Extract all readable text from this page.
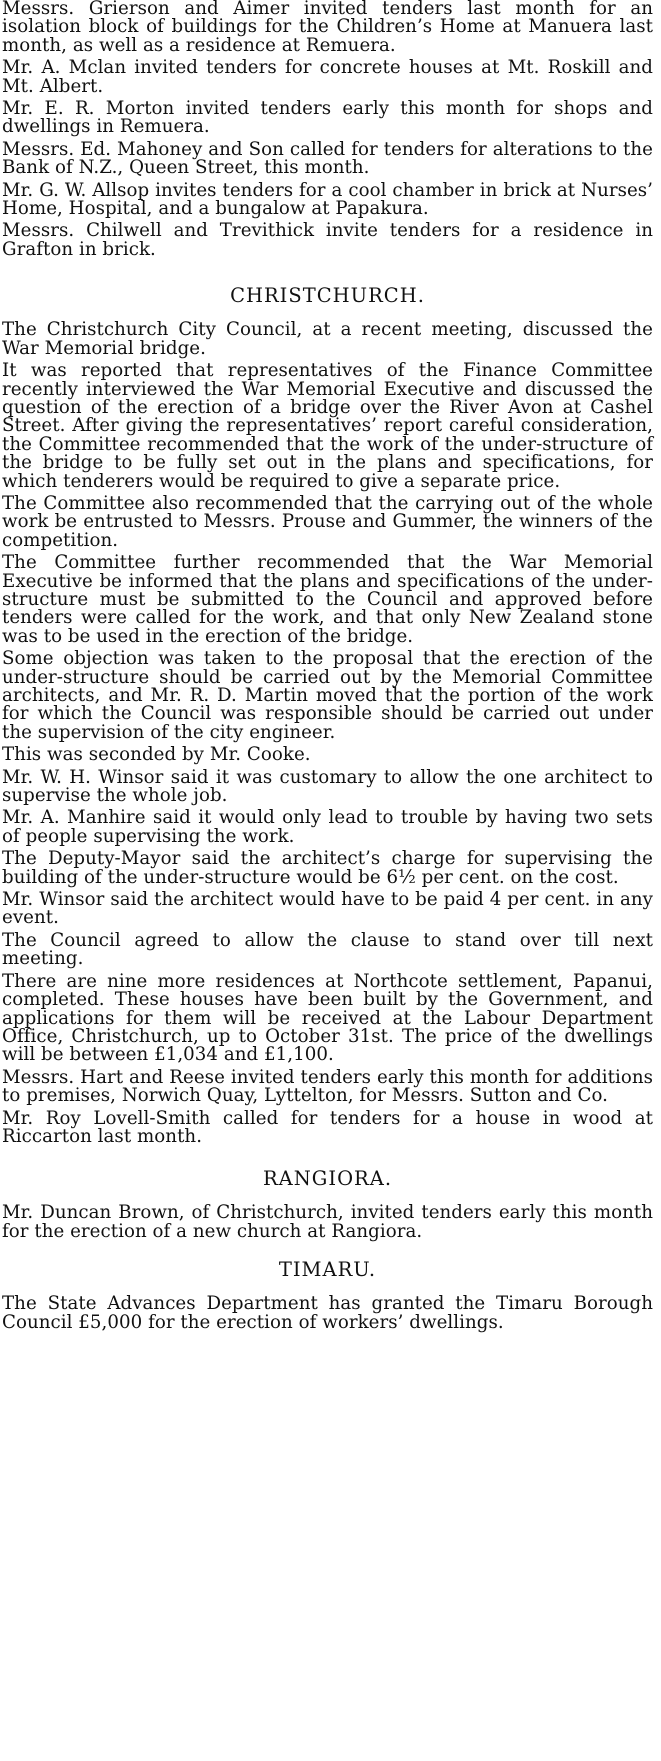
Messrs. Grierson and Aimer invited tenders last month for an isolation block of buildings for the Children’s Home at Manuera last month, as well as a residence at Remuera.

Mr. A. Mclan invited tenders for concrete houses at Mt. Roskill and Mt. Albert.

Mr. E. R. Morton invited tenders early this month for shops and dwellings in Remuera.

Messrs. Ed. Mahoney and Son called for tenders for alterations to the Bank of N.Z., Queen Street, this month.

Mr. G. W. Allsop invites tenders for a cool chamber in brick at Nurses’ Home, Hospital, and a bungalow at Papakura.

Messrs. Chilwell and Trevithick invite tenders for a residence in Grafton in brick.

CHRISTCHURCH.

The Christchurch City Council, at a recent meeting, discussed the War Memorial bridge.

It was reported that representatives of the Finance Committee recently interviewed the War Memorial Executive and discussed the question of the erection of a bridge over the River Avon at Cashel Street. After giving the representatives’ report careful consideration, the Committee recommended that the work of the under-structure of the bridge to be fully set out in the plans and specifications, for which tenderers would be required to give a separate price.

The Committee also recommended that the carrying out of the whole work be entrusted to Messrs. Prouse and Gummer, the winners of the competition.

The Committee further recommended that the War Memorial Executive be informed that the plans and specifications of the under-structure must be submitted to the Council and approved before tenders were called for the work, and that only New Zealand stone was to be used in the erection of the bridge.

Some objection was taken to the proposal that the erection of the under-structure should be carried out by the Memorial Committee architects, and Mr. R. D. Martin moved that the portion of the work for which the Council was responsible should be carried out under the supervision of the city engineer.

This was seconded by Mr. Cooke.

Mr. W. H. Winsor said it was customary to allow the one architect to supervise the whole job.

Mr. A. Manhire said it would only lead to trouble by having two sets of people supervising the work.

The Deputy-Mayor said the architect’s charge for supervising the building of the under-structure would be 6½ per cent. on the cost.

Mr. Winsor said the architect would have to be paid 4 per cent. in any event.

The Council agreed to allow the clause to stand over till next meeting.

There are nine more residences at Northcote settlement, Papanui, completed. These houses have been built by the Government, and applications for them will be received at the Labour Department Office, Christchurch, up to October 31st. The price of the dwellings will be between £1,034 and £1,100.

Messrs. Hart and Reese invited tenders early this month for additions to premises, Norwich Quay, Lyttelton, for Messrs. Sutton and Co.

Mr. Roy Lovell-Smith called for tenders for a house in wood at Riccarton last month.

RANGIORA.

Mr. Duncan Brown, of Christchurch, invited tenders early this month for the erection of a new church at Rangiora.

TIMARU.

The State Advances Department has granted the Timaru Borough Council £5,000 for the erection of workers’ dwellings.
